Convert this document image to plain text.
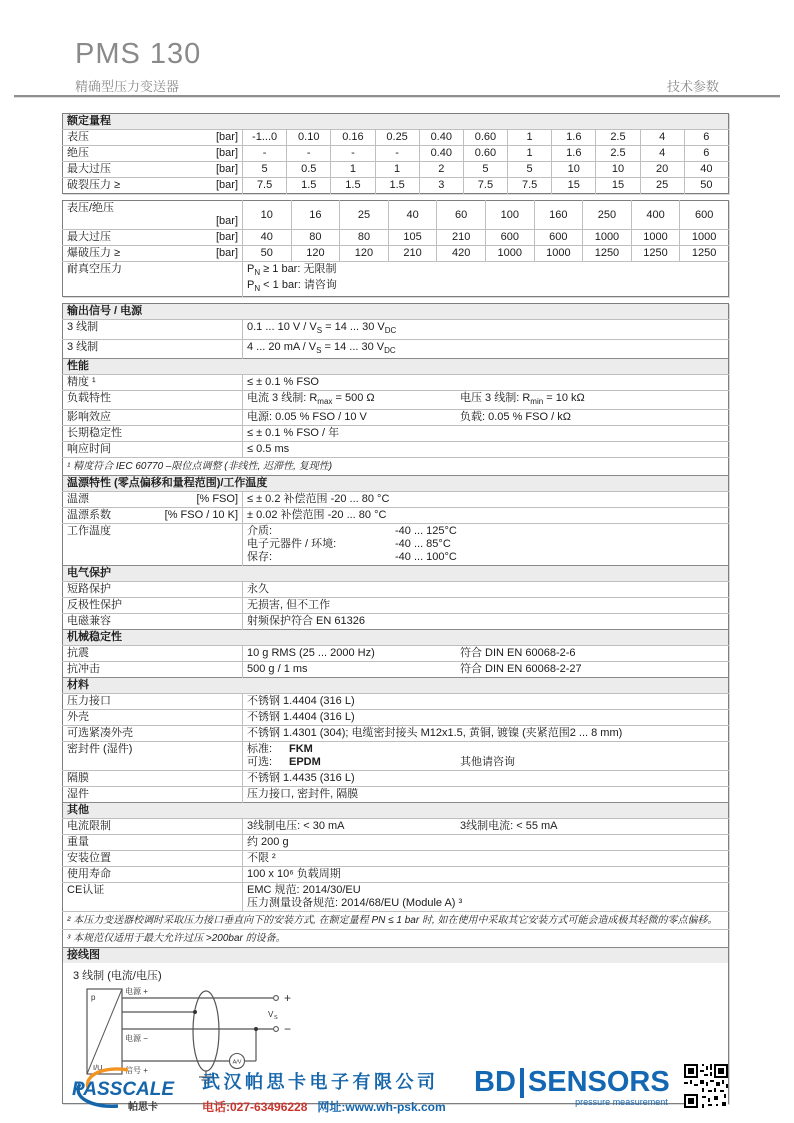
PMS 130
精确型压力变送器	技术参数
额定量程											

表压 [bar]	-1...0	0.10	0.16	0.25	0.40	0.60	1	1.6	2.5	4	6

绝压 [bar]	-	-	-	-	0.40	0.60	1	1.6	2.5	4	6

最大过压 [bar]	5	0.5	1	1	2	5	5	10	10	20	40

破裂压力 ≥ [bar]	7.5	1.5	1.5	1.5	3	7.5	7.5	15	15	25	50
表压/绝压
[bar]	10	16	25	40	60	100	160	250	400	600

最大过压 [bar]	40	80	80	105	210	600	600	1000	1000	1000

爆破压力 ≥ [bar]	50	120	120	210	420	1000	1000	1250	1250	1250
耐真空压力	$P_N \ge 1$ bar: 无限制
$P_N < 1$ bar: 请咨询									
输出信号 / 电源	
3 线制	0.1 ... 10 $V / V_S = 14$ ... 30 $V_{DC}$
3 线制	4 ... 20 mA / $V_S = 14$ ... 30 $V_{DC}$
性能	
精度 ¹	≤ ± 0.1 % FSO
负载特性	电流 3 线制: $R_{max} = 500$ Ω 电压 3 线制: $R_{min} = 10$ kΩ

影响效应	电源: 0.05 % FSO / 10 V 负载: 0.05 % FSO / kΩ

长期稳定性	≤ ± 0.1 % FSO / 年
响应时间	≤ 0.5 ms
¹ 精度符合 IEC 60770 –限位点调整 (非线性, 迟滞性, 复现性)	
温漂特性 (零点偏移和量程范围)/工作温度	

温漂 [% FSO]	≤ ± 0.2 补偿范围 -20 ... 80 °C

温漂系数 [% FSO / 10 K]	± 0.02 补偿范围 -20 ... 80 °C
工作温度	介质:	-40 ... 125°C
电子元器件 / 环境:	-40 ... 85°C
保存:	-40 ... 100°C

电气保护	
短路保护	永久
反极性保护	无损害, 但不工作
电磁兼容	射频保护符合 EN 61326
机械稳定性	
抗震	10 g RMS (25 ... 2000 Hz) 符合 DIN EN 60068-2-6

抗冲击	500 g / 1 ms 符合 DIN EN 60068-2-27

材料	
压力接口	不锈钢 1.4404 (316 L)
外壳	不锈钢 1.4404 (316 L)
可选紧凑外壳	不锈钢 1.4301 (304); 电缆密封接头 M12x1.5, 黄铜, 镀镍 (夹紧范围2 ... 8 mm)
密封件 (湿件)	标准: FKM
可选: EPDM 其他请咨询

隔膜	不锈钢 1.4435 (316 L)
湿件	压力接口, 密封件, 隔膜
其他	
电流限制	3线制电压: < 30 mA 3线制电流: < 55 mA

重量	约 200 g
安装位置	不限 ²
使用寿命	100 x 10⁶ 负载周期
CE认证	EMC 规范: 2014/30/EU
压力测量设备规范: 2014/68/EU (Module A) ³

² 本压力变送器校调时采取压力接口垂直向下的安装方式, 在额定量程 PN ≤ 1 bar 时, 如在使用中采取其它安装方式可能会造成极其轻微的零点偏移。	
³ 本规范仅适用于最大允许过压 >200bar 的设备。	
接线图	

3 线制 (电流/电压)
p
I/U
A/V
电源 +
电源 −
信号 +
+
−
V S
PASSCALE
帕思卡
武汉帕思卡电子有限公司
电话:027-63496228 网址:www.wh-psk.com
BD SENSORS
pressure measurement
